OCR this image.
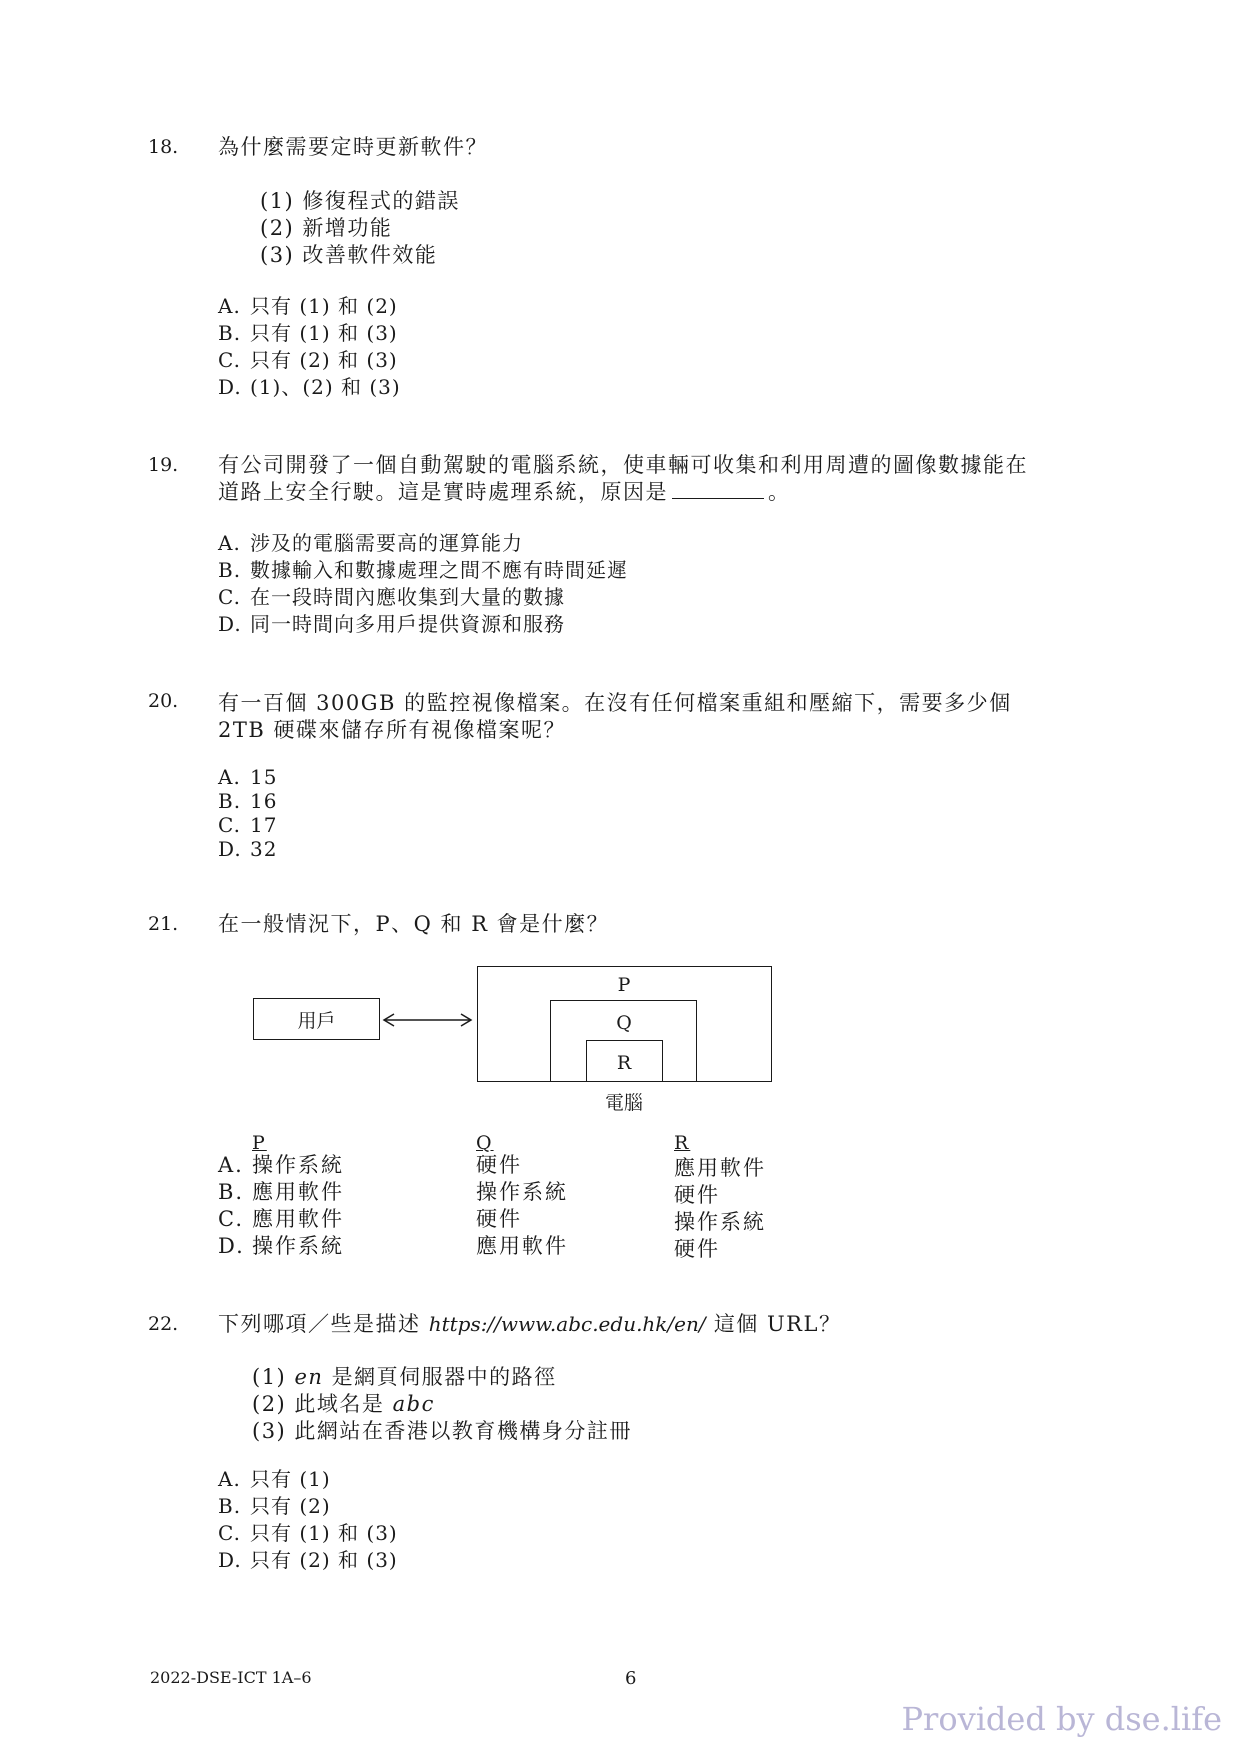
18. 為什麼需要定時更新軟件？
(1) 修復程式的錯誤
(2) 新增功能
(3) 改善軟件效能
A. 只有 (1) 和 (2)
B. 只有 (1) 和 (3)
C. 只有 (2) 和 (3)
D. (1)、(2) 和 (3)
19. 有公司開發了一個自動駕駛的電腦系統，使車輛可收集和利用周遭的圖像數據能在
道路上安全行駛。這是實時處理系統，原因是	。
A. 涉及的電腦需要高的運算能力
B. 數據輸入和數據處理之間不應有時間延遲
C. 在一段時間內應收集到大量的數據
D. 同一時間向多用戶提供資源和服務
20. 有一百個 300GB 的監控視像檔案。在沒有任何檔案重組和壓縮下，需要多少個
2TB 硬碟來儲存所有視像檔案呢？
A. 15
B. 16
C. 17
D. 32
21. 在一般情況下，P、Q 和 R 會是什麼？
用戶
P
Q
R
電腦
P	Q	R
A. 操作系統	硬件	應用軟件
B. 應用軟件	操作系統	硬件
C. 應用軟件	硬件	操作系統
D. 操作系統	應用軟件	硬件
22. 下列哪項／些是描述 https://www.abc.edu.hk/en/ 這個 URL？
(1) en 是網頁伺服器中的路徑
(2) 此域名是 abc
(3) 此網站在香港以教育機構身分註冊
A. 只有 (1)
B. 只有 (2)
C. 只有 (1) 和 (3)
D. 只有 (2) 和 (3)
2022-DSE-ICT 1A–6	6
Provided by dse.life
